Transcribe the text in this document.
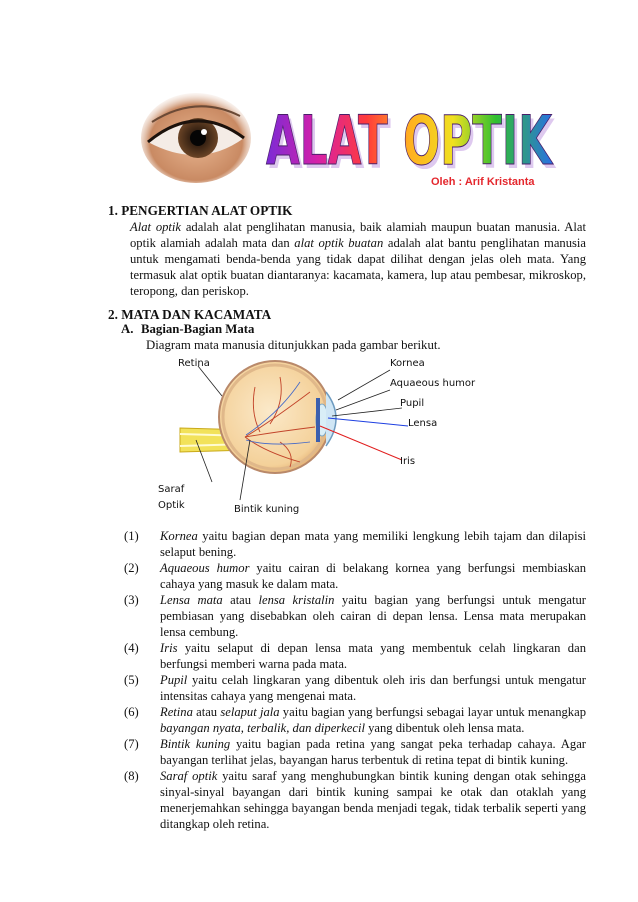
ALAT OPTIK
ALAT OPTIK
Oleh : Arif Kristanta
1. PENGERTIAN ALAT OPTIK
Alat optik adalah alat penglihatan manusia, baik alamiah maupun buatan manusia. Alat optik alamiah adalah mata dan alat optik buatan adalah alat bantu penglihatan manusia untuk mengamati benda-benda yang tidak dapat dilihat dengan jelas oleh mata. Yang termasuk alat optik buatan diantaranya: kacamata, kamera, lup atau pembesar, mikroskop, teropong, dan periskop.
2. MATA DAN KACAMATA
A. Bagian-Bagian Mata
Diagram mata manusia ditunjukkan pada gambar berikut.
Retina	Kornea
Aquaeous humor
Pupil
Lensa
Iris
Saraf
Optik	Bintik kuning
(1) Kornea yaitu bagian depan mata yang memiliki lengkung lebih tajam dan dilapisi selaput bening.
(2) Aquaeous humor yaitu cairan di belakang kornea yang berfungsi membiaskan cahaya yang masuk ke dalam mata.
(3) Lensa mata atau lensa kristalin yaitu bagian yang berfungsi untuk mengatur pembiasan yang disebabkan oleh cairan di depan lensa. Lensa mata merupakan lensa cembung.
(4) Iris yaitu selaput di depan lensa mata yang membentuk celah lingkaran dan berfungsi memberi warna pada mata.
(5) Pupil yaitu celah lingkaran yang dibentuk oleh iris dan berfungsi untuk mengatur intensitas cahaya yang mengenai mata.
(6) Retina atau selaput jala yaitu bagian yang berfungsi sebagai layar untuk menangkap bayangan nyata, terbalik, dan diperkecil yang dibentuk oleh lensa mata.
(7) Bintik kuning yaitu bagian pada retina yang sangat peka terhadap cahaya. Agar bayangan terlihat jelas, bayangan harus terbentuk di retina tepat di bintik kuning.
(8) Saraf optik yaitu saraf yang menghubungkan bintik kuning dengan otak sehingga sinyal-sinyal bayangan dari bintik kuning sampai ke otak dan otaklah yang menerjemahkan sehingga bayangan benda menjadi tegak, tidak terbalik seperti yang ditangkap oleh retina.
